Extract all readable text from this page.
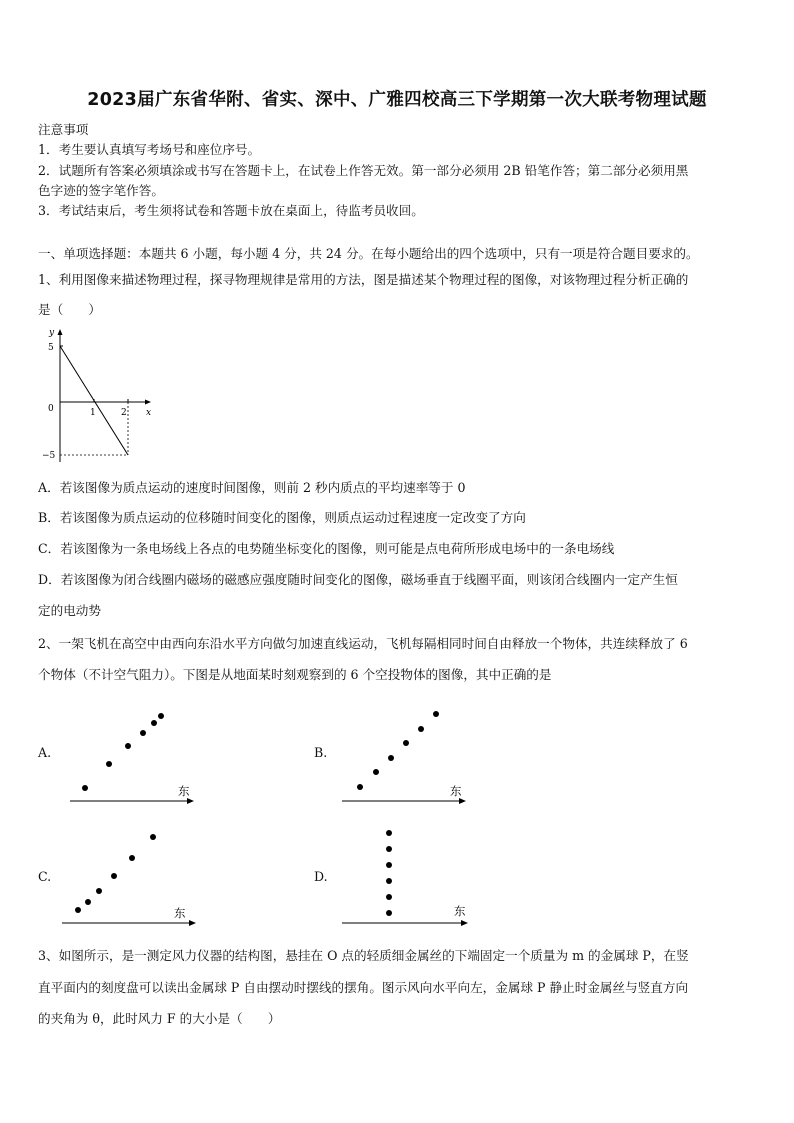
2023届广东省华附、省实、深中、广雅四校高三下学期第一次大联考物理试题
注意事项
1．考生要认真填写考场号和座位序号。
2．试题所有答案必须填涂或书写在答题卡上，在试卷上作答无效。第一部分必须用 2B 铅笔作答；第二部分必须用黑
色字迹的签字笔作答。
3．考试结束后，考生须将试卷和答题卡放在桌面上，待监考员收回。
一、单项选择题：本题共 6 小题，每小题 4 分，共 24 分。在每小题给出的四个选项中，只有一项是符合题目要求的。
1、利用图像来描述物理过程，探寻物理规律是常用的方法，图是描述某个物理过程的图像，对该物理过程分析正确的
是（　　）
y
x
5
0
−5
1	2
A．若该图像为质点运动的速度时间图像，则前 2 秒内质点的平均速率等于 0
B．若该图像为质点运动的位移随时间变化的图像，则质点运动过程速度一定改变了方向
C．若该图像为一条电场线上各点的电势随坐标变化的图像，则可能是点电荷所形成电场中的一条电场线
D．若该图像为闭合线圈内磁场的磁感应强度随时间变化的图像，磁场垂直于线圈平面，则该闭合线圈内一定产生恒
定的电动势
2、一架飞机在高空中由西向东沿水平方向做匀加速直线运动，飞机每隔相同时间自由释放一个物体，共连续释放了 6
个物体（不计空气阻力）。下图是从地面某时刻观察到的 6 个空投物体的图像，其中正确的是
A.
东
B.
东
C.
东
D.
东
3、如图所示，是一测定风力仪器的结构图，悬挂在 O 点的轻质细金属丝的下端固定一个质量为 m 的金属球 P，在竖
直平面内的刻度盘可以读出金属球 P 自由摆动时摆线的摆角。图示风向水平向左，金属球 P 静止时金属丝与竖直方向
的夹角为 θ，此时风力 F 的大小是（　　）
